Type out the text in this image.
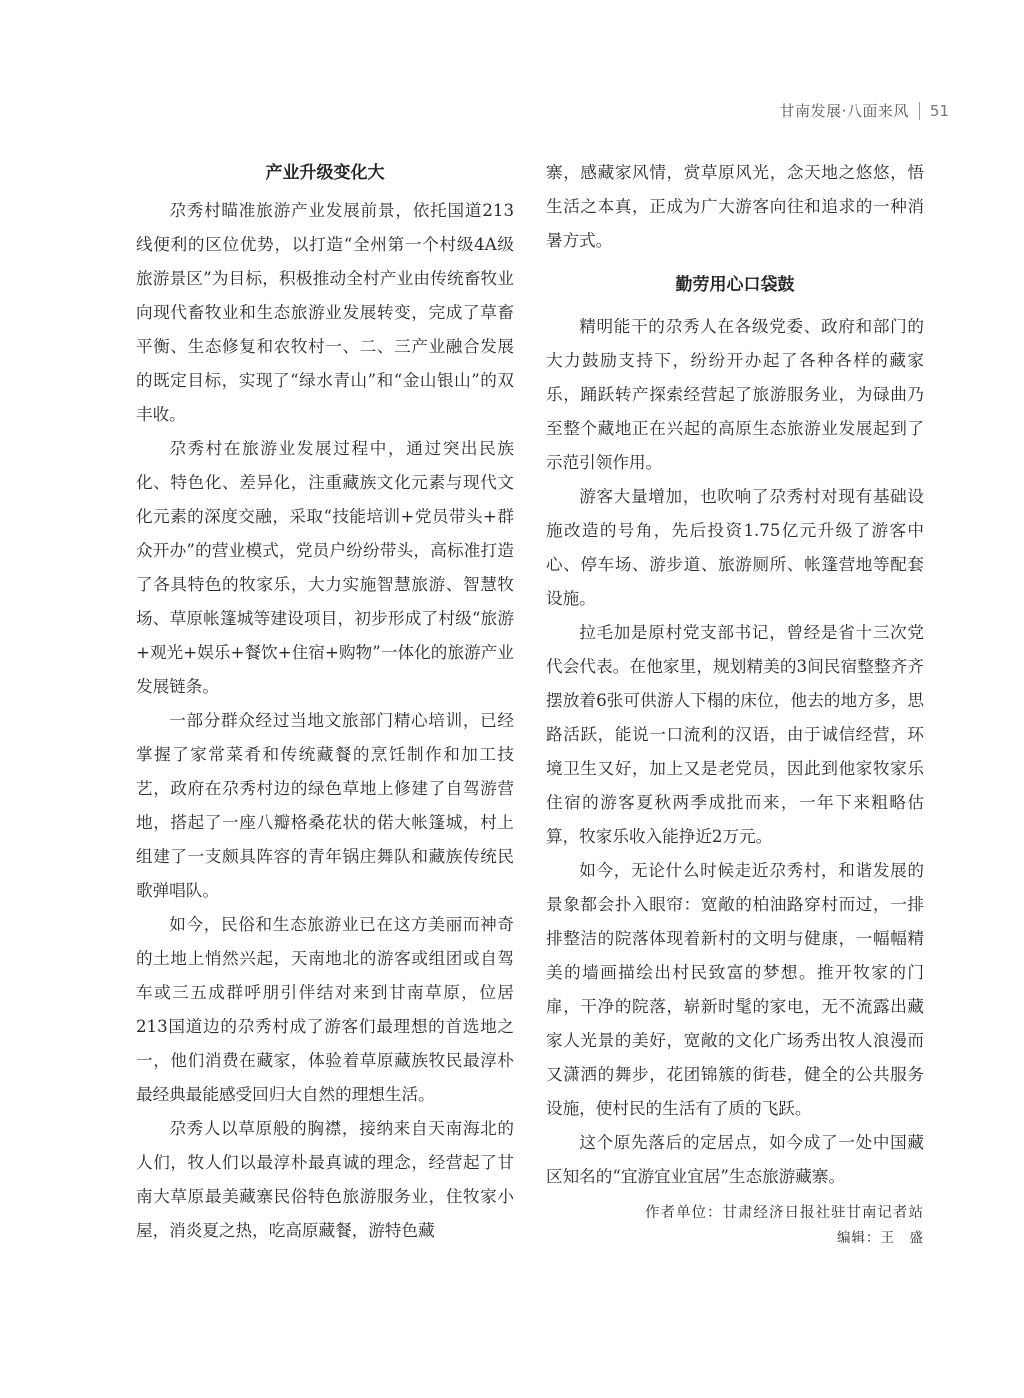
甘南发展·八面来风 51
产业升级变化大

尕秀村瞄准旅游产业发展前景，依托国道213线便利的区位优势，以打造“全州第一个村级4A级旅游景区”为目标，积极推动全村产业由传统畜牧业向现代畜牧业和生态旅游业发展转变，完成了草畜平衡、生态修复和农牧村一、二、三产业融合发展的既定目标，实现了“绿水青山”和“金山银山”的双丰收。

尕秀村在旅游业发展过程中，通过突出民族化、特色化、差异化，注重藏族文化元素与现代文化元素的深度交融，采取“技能培训+党员带头+群众开办”的营业模式，党员户纷纷带头，高标准打造了各具特色的牧家乐，大力实施智慧旅游、智慧牧场、草原帐篷城等建设项目，初步形成了村级“旅游+观光+娱乐+餐饮+住宿+购物”一体化的旅游产业发展链条。

一部分群众经过当地文旅部门精心培训，已经掌握了家常菜肴和传统藏餐的烹饪制作和加工技艺，政府在尕秀村边的绿色草地上修建了自驾游营地，搭起了一座八瓣格桑花状的偌大帐篷城，村上组建了一支颇具阵容的青年锅庄舞队和藏族传统民歌弹唱队。

如今，民俗和生态旅游业已在这方美丽而神奇的土地上悄然兴起，天南地北的游客或组团或自驾车或三五成群呼朋引伴结对来到甘南草原，位居213国道边的尕秀村成了游客们最理想的首选地之一，他们消费在藏家，体验着草原藏族牧民最淳朴最经典最能感受回归大自然的理想生活。

尕秀人以草原般的胸襟，接纳来自天南海北的人们，牧人们以最淳朴最真诚的理念，经营起了甘南大草原最美藏寨民俗特色旅游服务业，住牧家小屋，消炎夏之热，吃高原藏餐，游特色藏

寨，感藏家风情，赏草原风光，念天地之悠悠，悟生活之本真，正成为广大游客向往和追求的一种消暑方式。

勤劳用心口袋鼓

精明能干的尕秀人在各级党委、政府和部门的大力鼓励支持下，纷纷开办起了各种各样的藏家乐，踊跃转产探索经营起了旅游服务业，为碌曲乃至整个藏地正在兴起的高原生态旅游业发展起到了示范引领作用。

游客大量增加，也吹响了尕秀村对现有基础设施改造的号角，先后投资1.75亿元升级了游客中心、停车场、游步道、旅游厕所、帐篷营地等配套设施。

拉毛加是原村党支部书记，曾经是省十三次党代会代表。在他家里，规划精美的3间民宿整整齐齐摆放着6张可供游人下榻的床位，他去的地方多，思路活跃，能说一口流利的汉语，由于诚信经营，环境卫生又好，加上又是老党员，因此到他家牧家乐住宿的游客夏秋两季成批而来，一年下来粗略估算，牧家乐收入能挣近2万元。

如今，无论什么时候走近尕秀村，和谐发展的景象都会扑入眼帘：宽敞的柏油路穿村而过，一排排整洁的院落体现着新村的文明与健康，一幅幅精美的墙画描绘出村民致富的梦想。推开牧家的门扉，干净的院落，崭新时髦的家电，无不流露出藏家人光景的美好，宽敞的文化广场秀出牧人浪漫而又潇洒的舞步，花团锦簇的街巷，健全的公共服务设施，使村民的生活有了质的飞跃。

这个原先落后的定居点，如今成了一处中国藏区知名的“宜游宜业宜居”生态旅游藏寨。

作者单位：甘肃经济日报社驻甘南记者站
编辑：王　盛
